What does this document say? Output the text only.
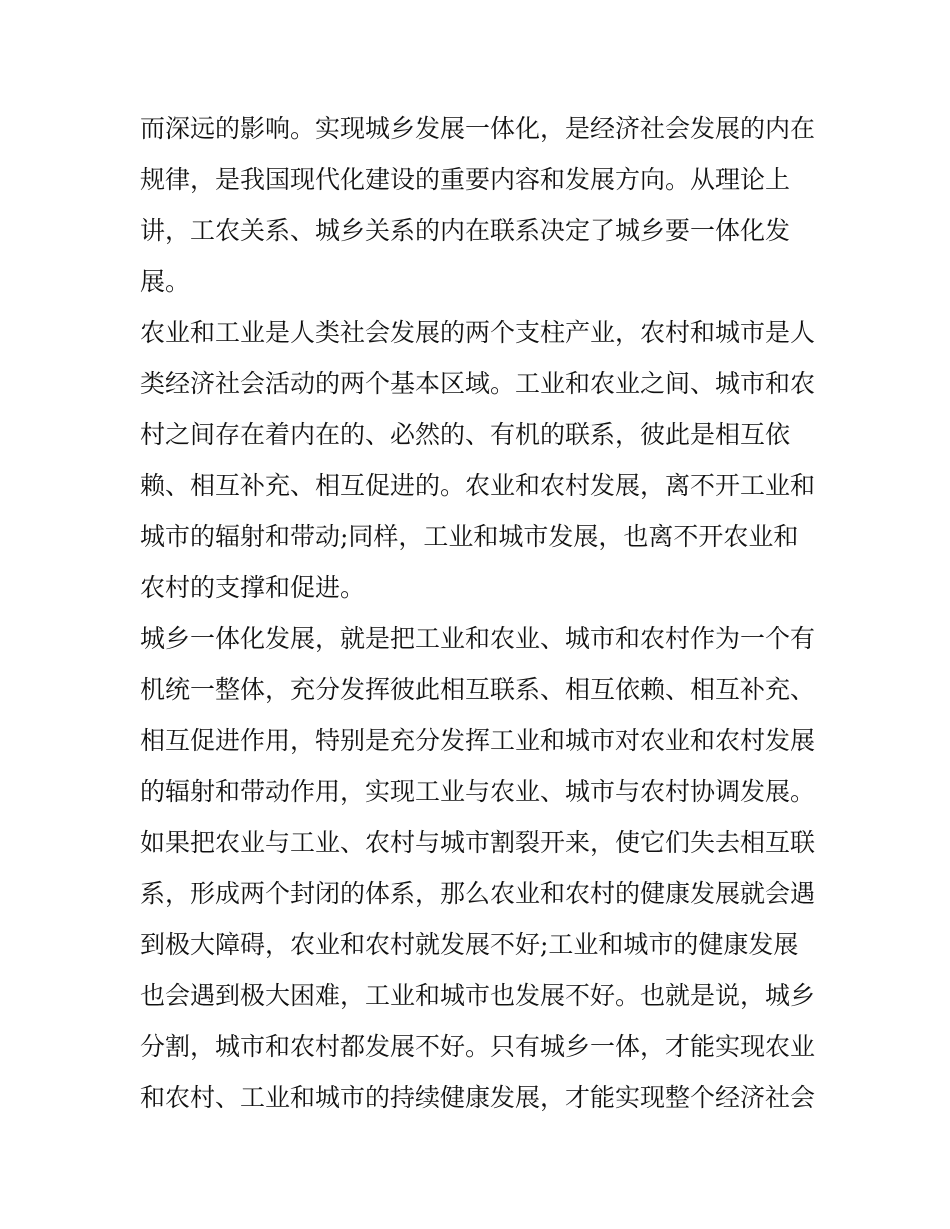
而深远的影响。实现城乡发展一体化，是经济社会发展的内在
规律，是我国现代化建设的重要内容和发展方向。从理论上
讲，工农关系、城乡关系的内在联系决定了城乡要一体化发
展。
农业和工业是人类社会发展的两个支柱产业，农村和城市是人
类经济社会活动的两个基本区域。工业和农业之间、城市和农
村之间存在着内在的、必然的、有机的联系，彼此是相互依
赖、相互补充、相互促进的。农业和农村发展，离不开工业和
城市的辐射和带动;同样，工业和城市发展，也离不开农业和
农村的支撑和促进。
城乡一体化发展，就是把工业和农业、城市和农村作为一个有
机统一整体，充分发挥彼此相互联系、相互依赖、相互补充、
相互促进作用，特别是充分发挥工业和城市对农业和农村发展
的辐射和带动作用，实现工业与农业、城市与农村协调发展。
如果把农业与工业、农村与城市割裂开来，使它们失去相互联
系，形成两个封闭的体系，那么农业和农村的健康发展就会遇
到极大障碍，农业和农村就发展不好;工业和城市的健康发展
也会遇到极大困难，工业和城市也发展不好。也就是说，城乡
分割，城市和农村都发展不好。只有城乡一体，才能实现农业
和农村、工业和城市的持续健康发展，才能实现整个经济社会
